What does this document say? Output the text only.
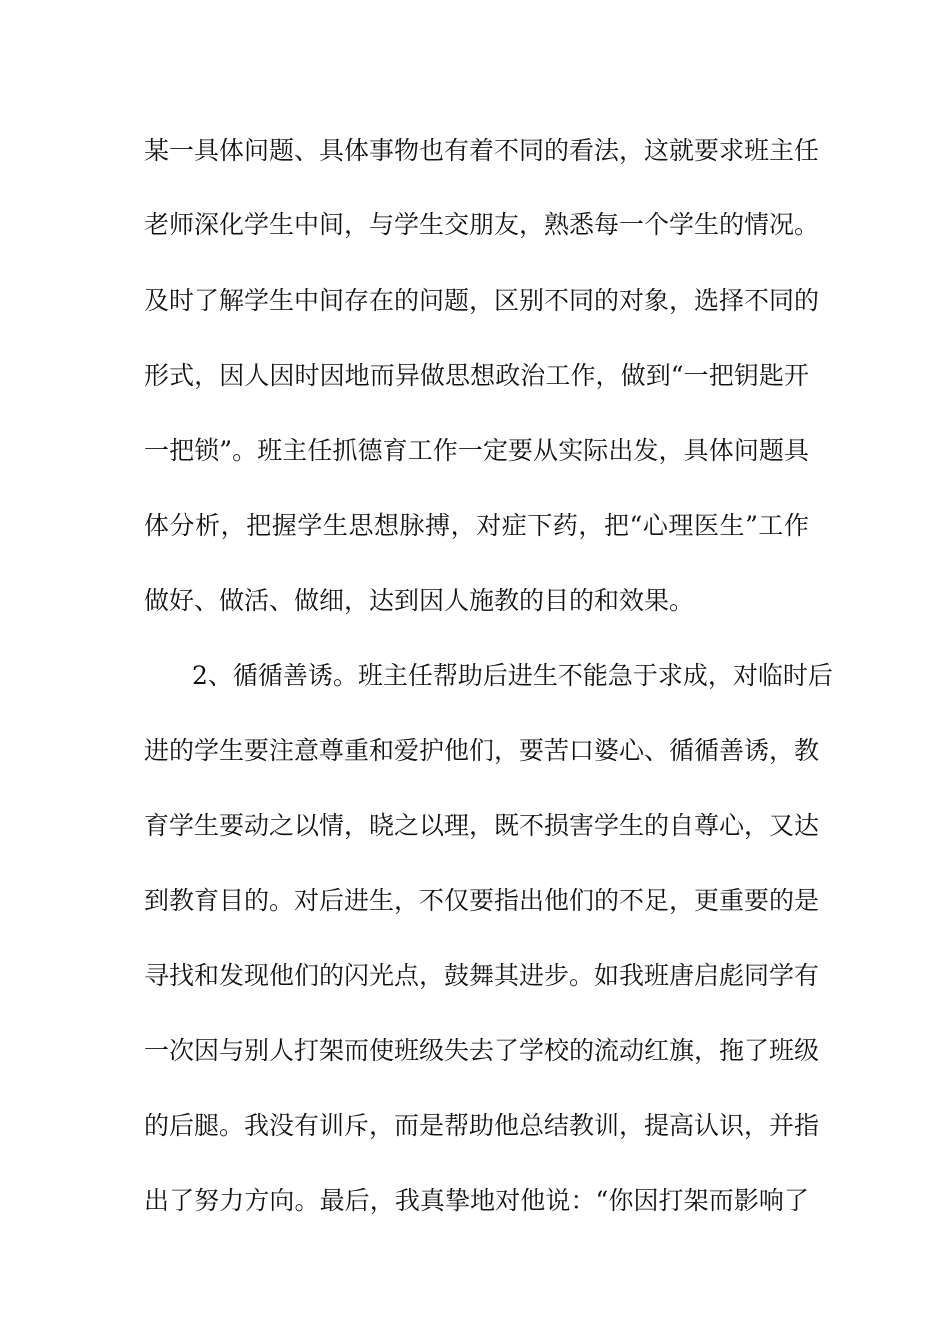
某一具体问题、具体事物也有着不同的看法，这就要求班主任
老师深化学生中间，与学生交朋友，熟悉每一个学生的情况。
及时了解学生中间存在的问题，区别不同的对象，选择不同的
形式，因人因时因地而异做思想政治工作，做到“一把钥匙开
一把锁”。班主任抓德育工作一定要从实际出发，具体问题具
体分析，把握学生思想脉搏，对症下药，把“心理医生”工作
做好、做活、做细，达到因人施教的目的和效果。
2、循循善诱。班主任帮助后进生不能急于求成，对临时后
进的学生要注意尊重和爱护他们，要苦口婆心、循循善诱，教
育学生要动之以情，晓之以理，既不损害学生的自尊心，又达
到教育目的。对后进生，不仅要指出他们的不足，更重要的是
寻找和发现他们的闪光点，鼓舞其进步。如我班唐启彪同学有
一次因与别人打架而使班级失去了学校的流动红旗，拖了班级
的后腿。我没有训斥，而是帮助他总结教训，提高认识，并指
出了努力方向。最后，我真挚地对他说：“你因打架而影响了
